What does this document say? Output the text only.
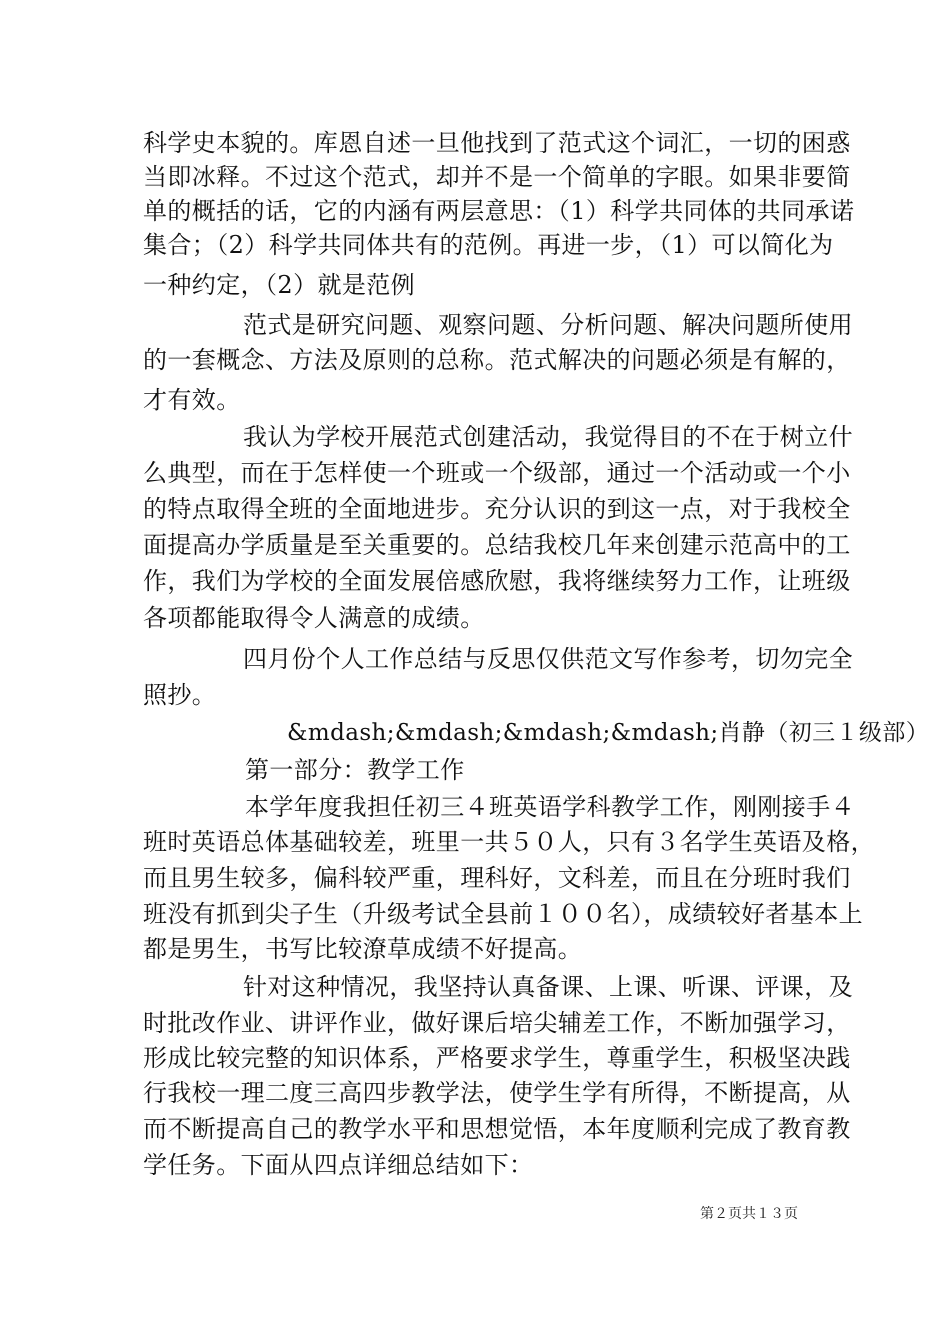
科学史本貌的。库恩自述一旦他找到了范式这个词汇，一切的困惑
当即冰释。不过这个范式，却并不是一个简单的字眼。如果非要简
单的概括的话，它的内涵有两层意思：（1）科学共同体的共同承诺
集合；（2）科学共同体共有的范例。再进一步，（1）可以简化为
一种约定，（2）就是范例
范式是研究问题、观察问题、分析问题、解决问题所使用
的一套概念、方法及原则的总称。范式解决的问题必须是有解的，
才有效。
我认为学校开展范式创建活动，我觉得目的不在于树立什
么典型，而在于怎样使一个班或一个级部，通过一个活动或一个小
的特点取得全班的全面地进步。充分认识的到这一点，对于我校全
面提高办学质量是至关重要的。总结我校几年来创建示范高中的工
作，我们为学校的全面发展倍感欣慰，我将继续努力工作，让班级
各项都能取得令人满意的成绩。
四月份个人工作总结与反思仅供范文写作参考，切勿完全
照抄。
&mdash;&mdash;&mdash;&mdash;肖静（初三１级部）
第一部分：教学工作
本学年度我担任初三４班英语学科教学工作，刚刚接手４
班时英语总体基础较差，班里一共５０人，只有３名学生英语及格，
而且男生较多，偏科较严重，理科好，文科差，而且在分班时我们
班没有抓到尖子生（升级考试全县前１００名），成绩较好者基本上
都是男生，书写比较潦草成绩不好提高。
针对这种情况，我坚持认真备课、上课、听课、评课，及
时批改作业、讲评作业，做好课后培尖辅差工作，不断加强学习，
形成比较完整的知识体系，严格要求学生，尊重学生，积极坚决践
行我校一理二度三高四步教学法，使学生学有所得，不断提高，从
而不断提高自己的教学水平和思想觉悟，本年度顺利完成了教育教
学任务。下面从四点详细总结如下：
第２页共１３页
